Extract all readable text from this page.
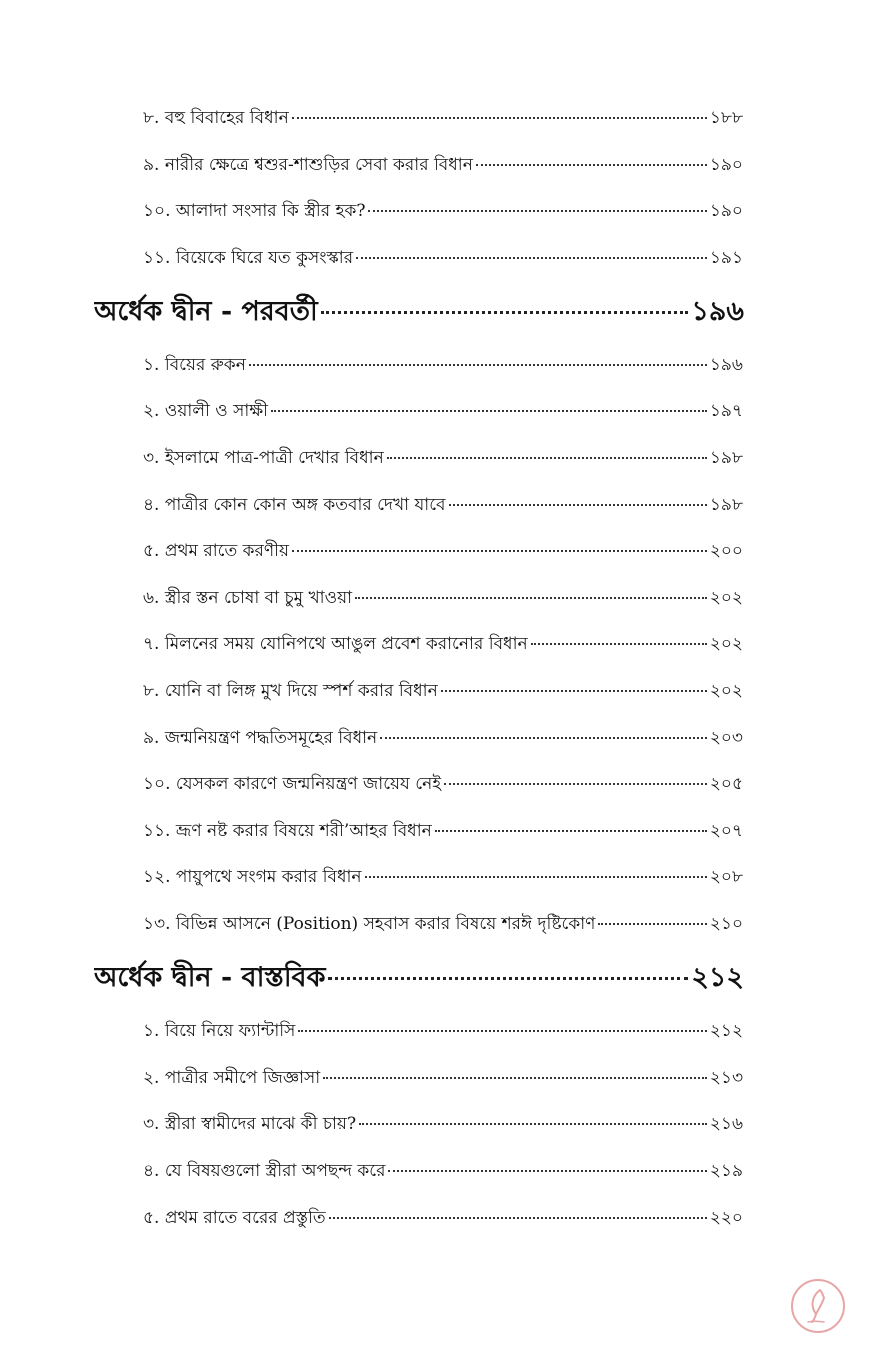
৮. বহু বিবাহের বিধান	১৮৮
৯. নারীর ক্ষেত্রে শ্বশুর-শাশুড়ির সেবা করার বিধান	১৯০
১০. আলাদা সংসার কি স্ত্রীর হক?	১৯০
১১. বিয়েকে ঘিরে যত কুসংস্কার	১৯১
অর্ধেক দ্বীন - পরবর্তী	১৯৬
১. বিয়ের রুকন	১৯৬
২. ওয়ালী ও সাক্ষী	১৯৭
৩. ইসলামে পাত্র-পাত্রী দেখার বিধান	১৯৮
৪. পাত্রীর কোন কোন অঙ্গ কতবার দেখা যাবে	১৯৮
৫. প্রথম রাতে করণীয়	২০০
৬. স্ত্রীর স্তন চোষা বা চুমু খাওয়া	২০২
৭. মিলনের সময় যোনিপথে আঙুল প্রবেশ করানোর বিধান	২০২
৮. যোনি বা লিঙ্গ মুখ দিয়ে স্পর্শ করার বিধান	২০২
৯. জন্মনিয়ন্ত্রণ পদ্ধতিসমূহের বিধান	২০৩
১০. যেসকল কারণে জন্মনিয়ন্ত্রণ জায়েয নেই	২০৫
১১. ভ্রূণ নষ্ট করার বিষয়ে শরী’আহর বিধান	২০৭
১২. পায়ুপথে সংগম করার বিধান	২০৮
১৩. বিভিন্ন আসনে (Position) সহবাস করার বিষয়ে শরঈ দৃষ্টিকোণ	২১০
অর্ধেক দ্বীন - বাস্তবিক	২১২
১. বিয়ে নিয়ে ফ্যান্টাসি	২১২
২. পাত্রীর সমীপে জিজ্ঞাসা	২১৩
৩. স্ত্রীরা স্বামীদের মাঝে কী চায়?	২১৬
৪. যে বিষয়গুলো স্ত্রীরা অপছন্দ করে	২১৯
৫. প্রথম রাতে বরের প্রস্তুতি	২২০
